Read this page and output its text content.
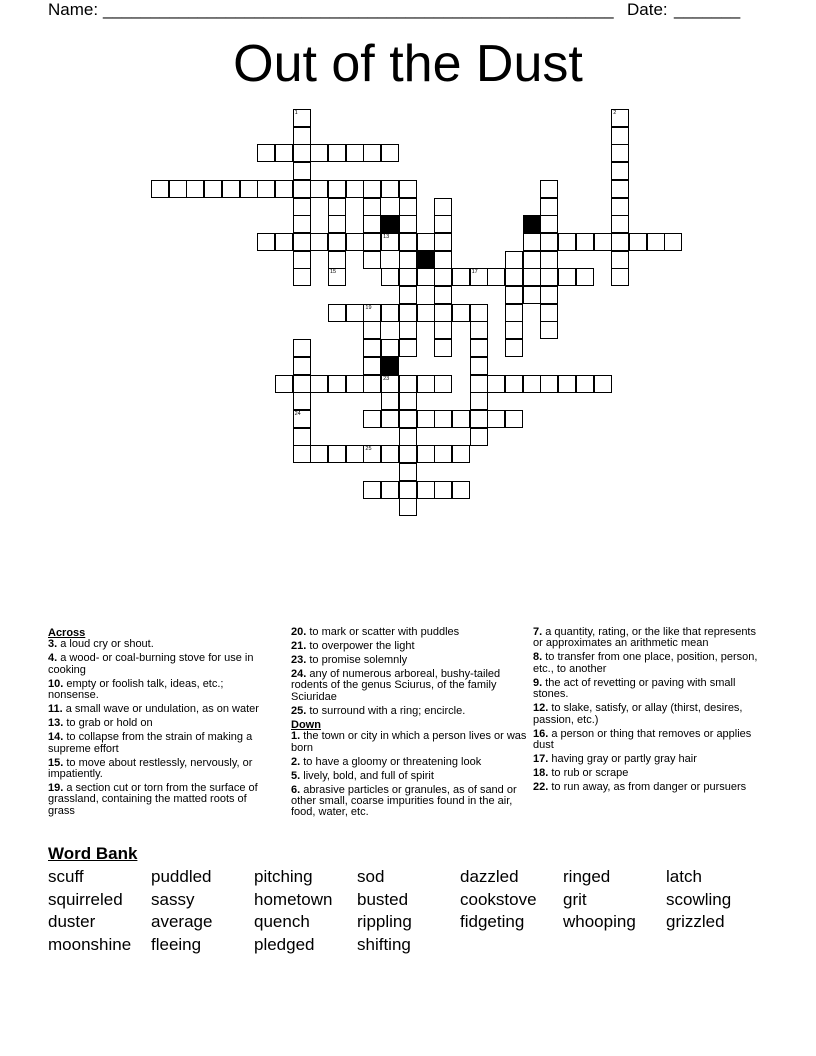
Name: ______________________________________________________ Date: _______
Out of the Dust
1	2
13
15	17
19
23
24
25
Across
3. a loud cry or shout.
4. a wood- or coal-burning stove for use in cooking
10. empty or foolish talk, ideas, etc.; nonsense.
11. a small wave or undulation, as on water
13. to grab or hold on
14. to collapse from the strain of making a supreme effort
15. to move about restlessly, nervously, or impatiently.
19. a section cut or torn from the surface of grassland, containing the matted roots of grass
20. to mark or scatter with puddles
21. to overpower the light
23. to promise solemnly
24. any of numerous arboreal, bushy-tailed rodents of the genus Sciurus, of the family Sciuridae
25. to surround with a ring; encircle.
Down
1. the town or city in which a person lives or was born
2. to have a gloomy or threatening look
5. lively, bold, and full of spirit
6. abrasive particles or granules, as of sand or other small, coarse impurities found in the air, food, water, etc.
7. a quantity, rating, or the like that represents or approximates an arithmetic mean
8. to transfer from one place, position, person, etc., to another
9. the act of revetting or paving with small stones.
12. to slake, satisfy, or allay (thirst, desires, passion, etc.)
16. a person or thing that removes or applies dust
17. having gray or partly gray hair
18. to rub or scrape
22. to run away, as from danger or pursuers
Word Bank
scuff	puddled pitching	sod	dazzled	ringed	latch
squirreled sassy	hometown busted	cookstove grit	scowling
duster	average quench	rippling	fidgeting whooping grizzled
moonshine fleeing	pledged shifting
